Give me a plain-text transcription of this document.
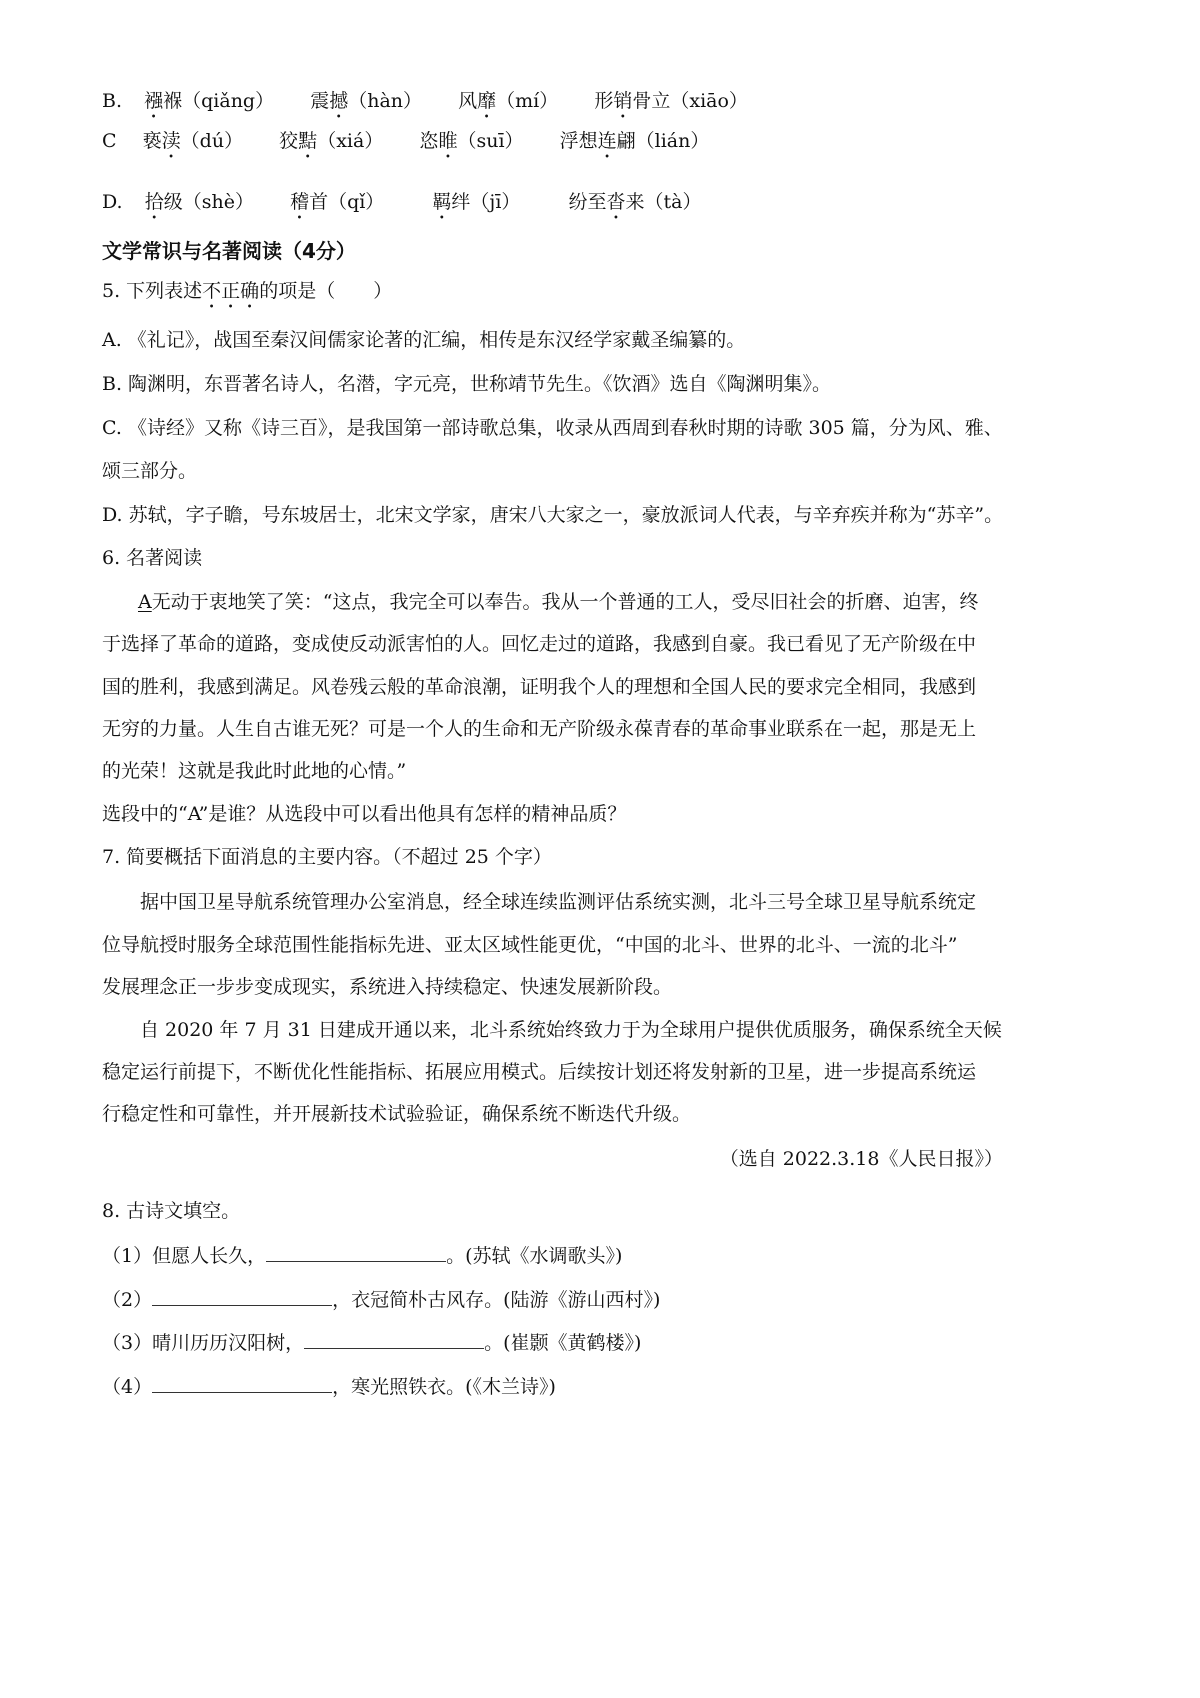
B. 襁褓（qiǎng） 震撼（hàn） 风靡（mí） 形销骨立（xiāo）
C 亵渎（dú） 狡黠（xiá） 恣睢（suī） 浮想连翩（lián）
D. 拾级（shè） 稽首（qǐ）	羁绊（jī）	纷至沓来（tà）
文学常识与名著阅读（4分）
5. 下列表述不正确的项是（　　）
A. 《礼记》，战国至秦汉间儒家论著的汇编，相传是东汉经学家戴圣编纂的。
B. 陶渊明，东晋著名诗人，名潜，字元亮，世称靖节先生。《饮酒》选自《陶渊明集》。
C. 《诗经》又称《诗三百》，是我国第一部诗歌总集，收录从西周到春秋时期的诗歌 305 篇，分为风、雅、
颂三部分。
D. 苏轼，字子瞻，号东坡居士，北宋文学家，唐宋八大家之一，豪放派词人代表，与辛弃疾并称为“苏辛”。
6. 名著阅读
A无动于衷地笑了笑：“这点，我完全可以奉告。我从一个普通的工人，受尽旧社会的折磨、迫害，终
于选择了革命的道路，变成使反动派害怕的人。回忆走过的道路，我感到自豪。我已看见了无产阶级在中
国的胜利，我感到满足。风卷残云般的革命浪潮，证明我个人的理想和全国人民的要求完全相同，我感到
无穷的力量。人生自古谁无死？可是一个人的生命和无产阶级永葆青春的革命事业联系在一起，那是无上
的光荣！这就是我此时此地的心情。”
选段中的“A”是谁？从选段中可以看出他具有怎样的精神品质？
7. 简要概括下面消息的主要内容。（不超过 25 个字）
据中国卫星导航系统管理办公室消息，经全球连续监测评估系统实测，北斗三号全球卫星导航系统定
位导航授时服务全球范围性能指标先进、亚太区域性能更优，“中国的北斗、世界的北斗、一流的北斗”
发展理念正一步步变成现实，系统进入持续稳定、快速发展新阶段。
自 2020 年 7 月 31 日建成开通以来，北斗系统始终致力于为全球用户提供优质服务，确保系统全天候
稳定运行前提下，不断优化性能指标、拓展应用模式。后续按计划还将发射新的卫星，进一步提高系统运
行稳定性和可靠性，并开展新技术试验验证，确保系统不断迭代升级。
（选自 2022.3.18《人民日报》）
8. 古诗文填空。
（1）但愿人长久，	。(苏轼《水调歌头》)
（2）	，衣冠简朴古风存。(陆游《游山西村》)
（3）晴川历历汉阳树，	。(崔颢《黄鹤楼》)
（4）	，寒光照铁衣。(《木兰诗》)
